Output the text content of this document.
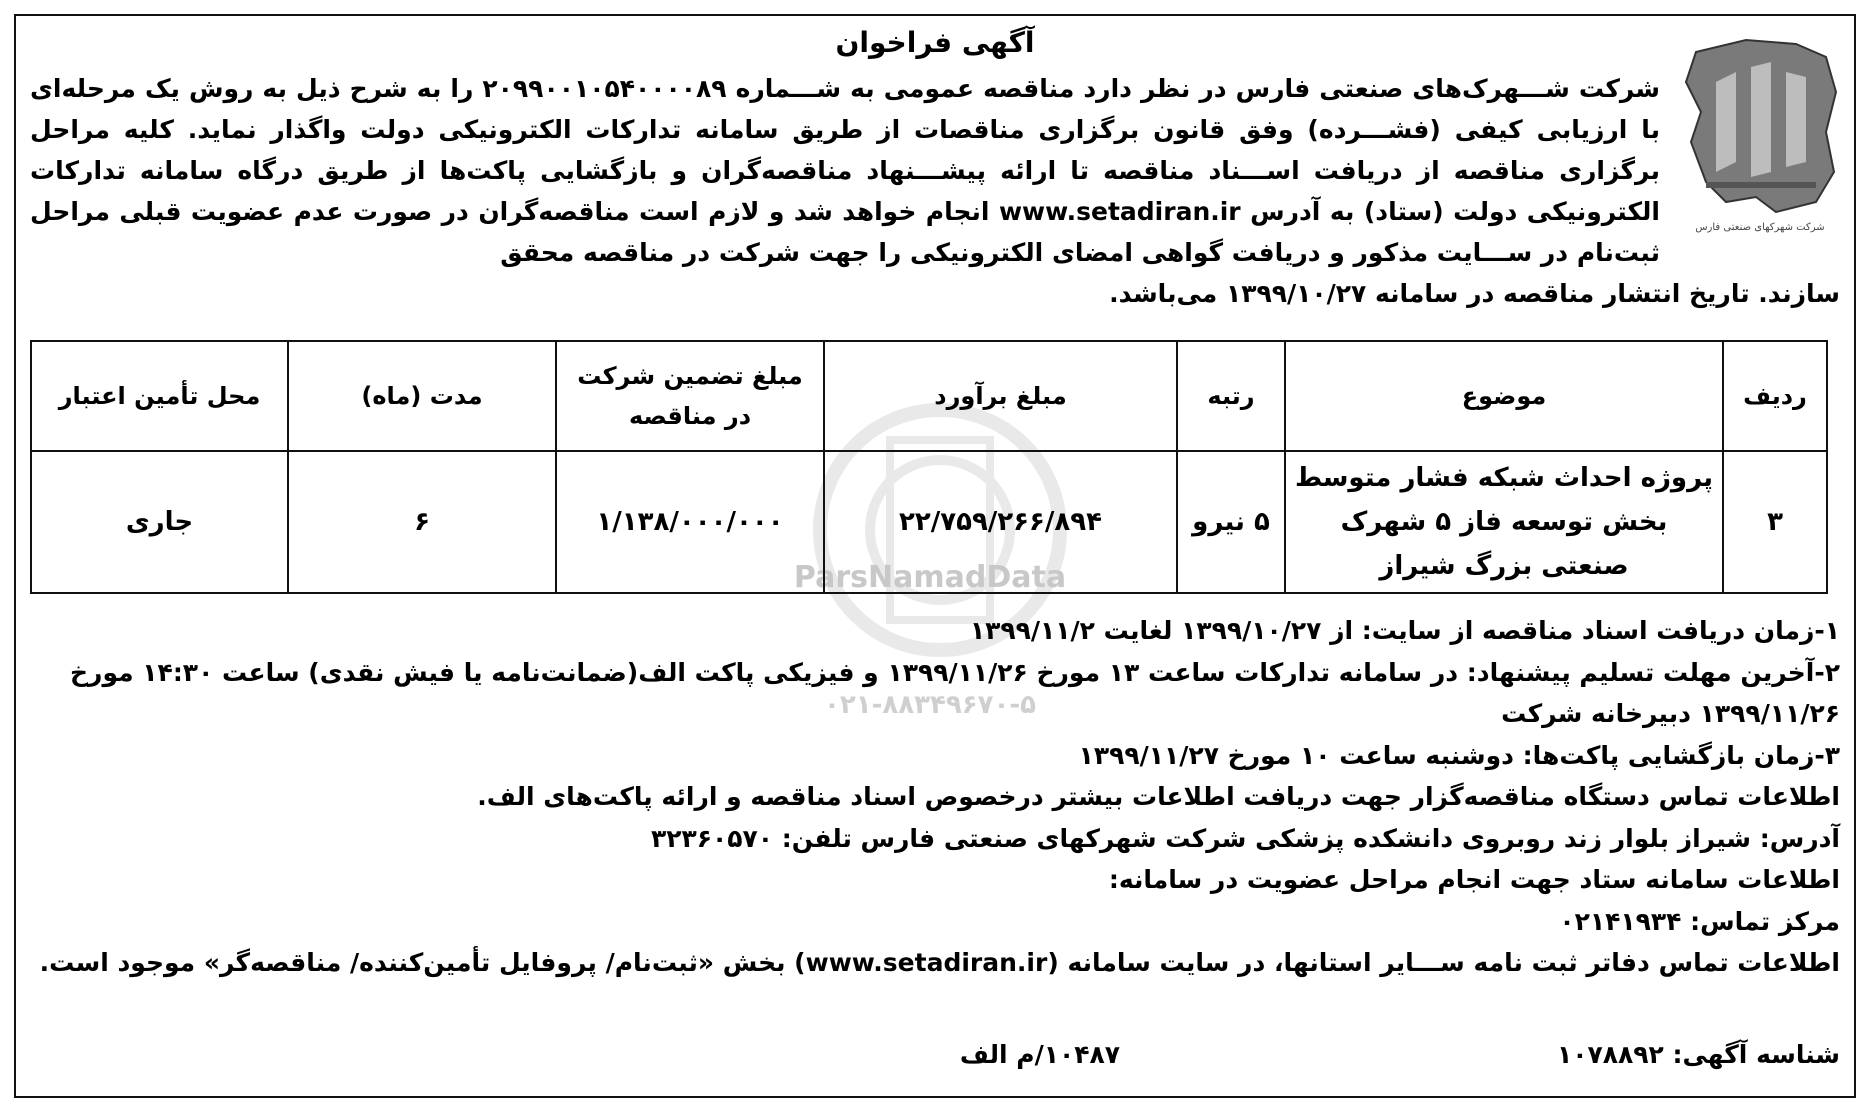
شرکت شهرکهای صنعتی فارس
آگهی فراخوان
شرکت شـــهرک‌های صنعتی فارس در نظر دارد مناقصه عمومی به شـــماره ۲۰۹۹۰۰۱۰۵۴۰۰۰۰۸۹ را به شرح ذیل به روش یک مرحله‌ای با ارزیابی کیفی (فشـــرده) وفق قانون برگزاری مناقصات از طریق سامانه تدارکات الکترونیکی دولت واگذار نماید. کلیه مراحل برگزاری مناقصه از دریافت اســـناد مناقصه تا ارائه پیشـــنهاد مناقصه‌گران و بازگشایی پاکت‌ها از طریق درگاه سامانه تدارکات الکترونیکی دولت (ستاد) به آدرس www.setadiran.ir انجام خواهد شد و لازم است مناقصه‌گران در صورت عدم عضویت قبلی مراحل ثبت‌نام در ســـایت مذکور و دریافت گواهی امضای الکترونیکی را جهت شرکت در مناقصه محقق
سازند. تاریخ انتشار مناقصه در سامانه ۱۳۹۹/۱۰/۲۷ می‌باشد.
ParsNamadData
۰۲۱-۸۸۳۴۹۶۷۰-۵
ردیف	موضوع	رتبه	مبلغ برآورد	مبلغ تضمین شرکت در مناقصه	مدت (ماه)	محل تأمین اعتبار
۳	پروژه احداث شبکه فشار متوسط بخش توسعه فاز ۵ شهرک صنعتی بزرگ شیراز	۵ نیرو	۲۲/۷۵۹/۲۶۶/۸۹۴	۱/۱۳۸/۰۰۰/۰۰۰	۶	جاری

۱-زمان دریافت اسناد مناقصه از سایت: از ۱۳۹۹/۱۰/۲۷ لغایت ۱۳۹۹/۱۱/۲

۲-آخرین مهلت تسلیم پیشنهاد: در سامانه تدارکات ساعت ۱۳ مورخ ۱۳۹۹/۱۱/۲۶ و فیزیکی پاکت الف(ضمانت‌نامه یا فیش نقدی) ساعت ۱۴:۳۰ مورخ ۱۳۹۹/۱۱/۲۶ دبیرخانه شرکت

۳-زمان بازگشایی پاکت‌ها: دوشنبه ساعت ۱۰ مورخ ۱۳۹۹/۱۱/۲۷

اطلاعات تماس دستگاه مناقصه‌گزار جهت دریافت اطلاعات بیشتر درخصوص اسناد مناقصه و ارائه پاکت‌های الف.

آدرس: شیراز بلوار زند روبروی دانشکده پزشکی شرکت شهرکهای صنعتی فارس تلفن: ۳۲۳۶۰۵۷۰

اطلاعات سامانه ستاد جهت انجام مراحل عضویت در سامانه:

مرکز تماس: ۰۲۱۴۱۹۳۴

اطلاعات تماس دفاتر ثبت نامه ســـایر استانها، در سایت سامانه (www.setadiran.ir) بخش «ثبت‌نام/ پروفایل تأمین‌کننده/ مناقصه‌گر» موجود است.

شناسه آگهی: ۱۰۷۸۸۹۲
۱۰۴۸۷/م الف
